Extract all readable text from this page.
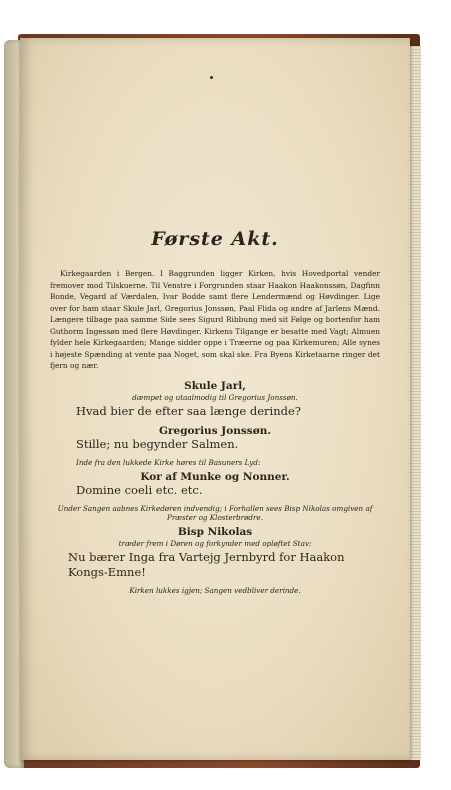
Første Akt.

Kirkegaarden i Bergen. I Baggrunden ligger Kirken, hvis Hovedportal vender fremover mod Tilskuerne. Til Venstre i Forgrunden staar Haakon Haakonssøn, Dagfinn Bonde, Vegard af Værdalen, Ivar Bodde samt flere Lendermænd og Høvdinger. Lige over for ham staar Skule Jarl, Gregorius Jonssøn, Paal Flida og andre af Jarlens Mænd. Længere tilbage paa samme Side sees Sigurd Ribbung med sit Følge og bortenfor ham Guthorm Ingessøn med flere Høvdinger. Kirkens Tilgange er besatte med Vagt; Almuen fylder hele Kirkegaarden; Mange sidder oppe i Træerne og paa Kirkemuren; Alle synes i højeste Spænding at vente paa Noget, som skal ske. Fra Byens Kirketaarne ringer det fjern og nær.

Skule Jarl,
dæmpet og utaalmodig til Gregorius Jonssøn.
Hvad bier de efter saa længe derinde?
Gregorius Jonssøn.
Stille; nu begynder Salmen.
Inde fra den lukkede Kirke høres til Basuners Lyd:
Kor af Munke og Nonner.
Domine coeli etc. etc.
Under Sangen aabnes Kirkedøren indvendig; i Forhallen sees Bisp Nikolas omgiven af Præster og Klosterbrødre.
Bisp Nikolas
træder frem i Døren og forkynder med opløftet Stav:
Nu bærer Inga fra Vartejg Jernbyrd for Haakon Kongs-Emne!
Kirken lukkes igjen; Sangen vedbliver derinde.
